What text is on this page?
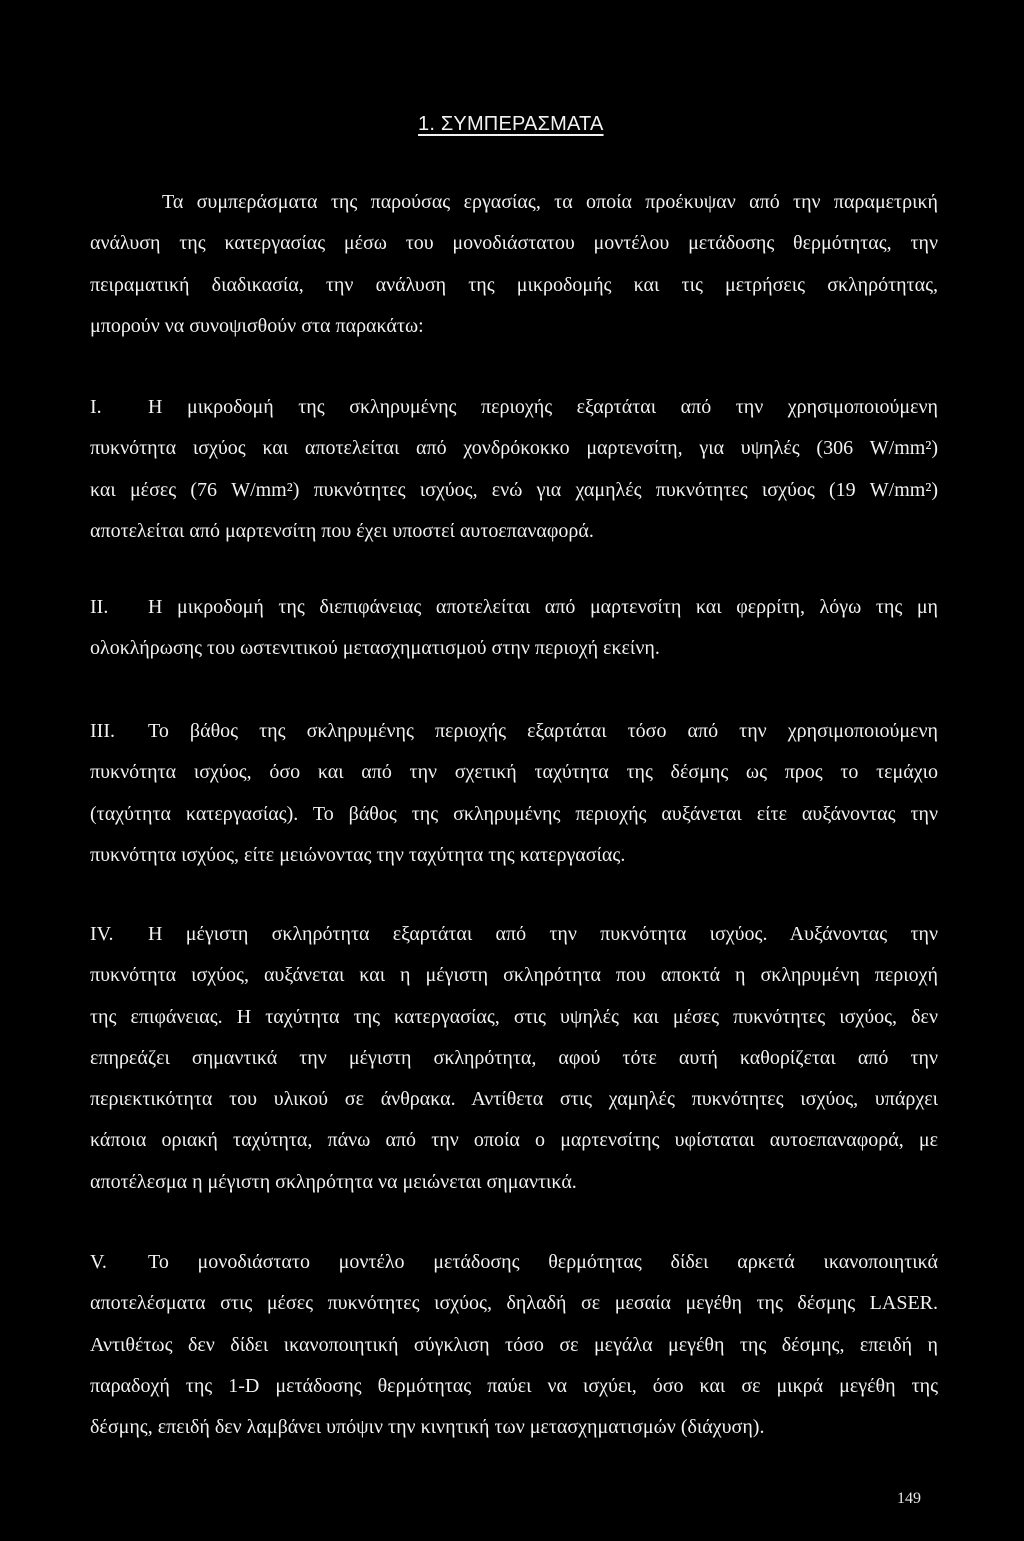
1. ΣΥΜΠΕΡΑΣΜΑΤΑ
Τα συμπεράσματα της παρούσας εργασίας, τα οποία προέκυψαν από την παραμετρική
ανάλυση της κατεργασίας μέσω του μονοδιάστατου μοντέλου μετάδοσης θερμότητας, την
πειραματική διαδικασία, την ανάλυση της μικροδομής και τις μετρήσεις σκληρότητας,
μπορούν να συνοψισθούν στα παρακάτω:
I. Η μικροδομή της σκληρυμένης περιοχής εξαρτάται από την χρησιμοποιούμενη
πυκνότητα ισχύος και αποτελείται από χονδρόκοκκο μαρτενσίτη, για υψηλές (306 W/mm²)
και μέσες (76 W/mm²) πυκνότητες ισχύος, ενώ για χαμηλές πυκνότητες ισχύος (19 W/mm²)
αποτελείται από μαρτενσίτη που έχει υποστεί αυτοεπαναφορά.
II. Η μικροδομή της διεπιφάνειας αποτελείται από μαρτενσίτη και φερρίτη, λόγω της μη
ολοκλήρωσης του ωστενιτικού μετασχηματισμού στην περιοχή εκείνη.
III. Το βάθος της σκληρυμένης περιοχής εξαρτάται τόσο από την χρησιμοποιούμενη
πυκνότητα ισχύος, όσο και από την σχετική ταχύτητα της δέσμης ως προς το τεμάχιο
(ταχύτητα κατεργασίας). Το βάθος της σκληρυμένης περιοχής αυξάνεται είτε αυξάνοντας την
πυκνότητα ισχύος, είτε μειώνοντας την ταχύτητα της κατεργασίας.
IV. Η μέγιστη σκληρότητα εξαρτάται από την πυκνότητα ισχύος. Αυξάνοντας την
πυκνότητα ισχύος, αυξάνεται και η μέγιστη σκληρότητα που αποκτά η σκληρυμένη περιοχή
της επιφάνειας. Η ταχύτητα της κατεργασίας, στις υψηλές και μέσες πυκνότητες ισχύος, δεν
επηρεάζει σημαντικά την μέγιστη σκληρότητα, αφού τότε αυτή καθορίζεται από την
περιεκτικότητα του υλικού σε άνθρακα. Αντίθετα στις χαμηλές πυκνότητες ισχύος, υπάρχει
κάποια οριακή ταχύτητα, πάνω από την οποία ο μαρτενσίτης υφίσταται αυτοεπαναφορά, με
αποτέλεσμα η μέγιστη σκληρότητα να μειώνεται σημαντικά.
V. Το μονοδιάστατο μοντέλο μετάδοσης θερμότητας δίδει αρκετά ικανοποιητικά
αποτελέσματα στις μέσες πυκνότητες ισχύος, δηλαδή σε μεσαία μεγέθη της δέσμης LASER.
Αντιθέτως δεν δίδει ικανοποιητική σύγκλιση τόσο σε μεγάλα μεγέθη της δέσμης, επειδή η
παραδοχή της 1-D μετάδοσης θερμότητας παύει να ισχύει, όσο και σε μικρά μεγέθη της
δέσμης, επειδή δεν λαμβάνει υπόψιν την κινητική των μετασχηματισμών (διάχυση).
149
